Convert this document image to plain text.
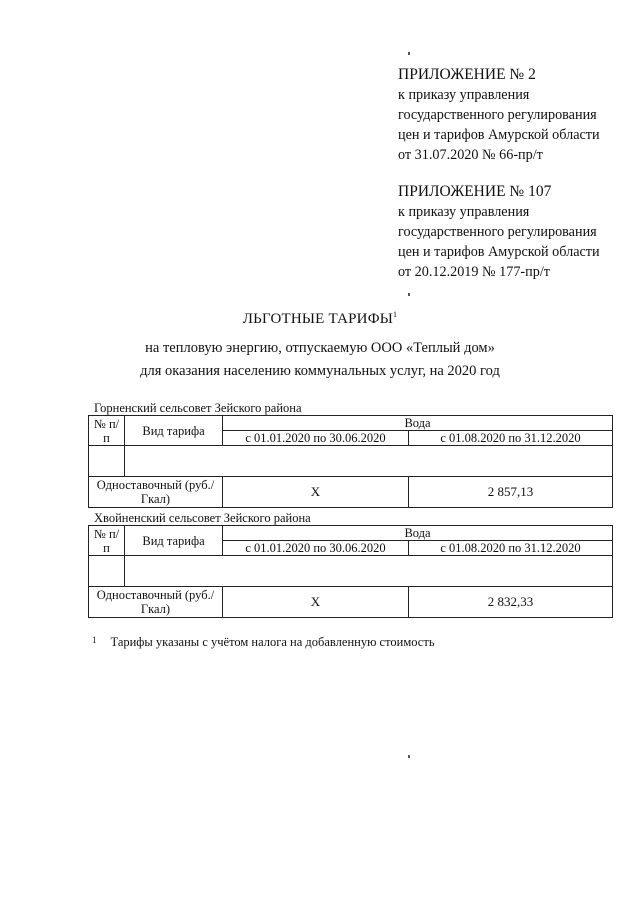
ПРИЛОЖЕНИЕ № 2
к приказу управления
государственного регулирования
цен и тарифов Амурской области
от 31.07.2020 № 66-пр/т
ПРИЛОЖЕНИЕ № 107
к приказу управления
государственного регулирования
цен и тарифов Амурской области
от 20.12.2019 № 177-пр/т
ЛЬГОТНЫЕ ТАРИФЫ$^1$
на тепловую энергию, отпускаемую ООО «Теплый дом»
для оказания населению коммунальных услуг, на 2020 год
Горненский сельсовет Зейского района
№ п/п	Вид тарифа	Вода	
		с 01.01.2020 по 30.06.2020	с 01.08.2020 по 31.12.2020

Одноставочный (руб./Гкал)		X	2 857,13
Хвойненский сельсовет Зейского района
№ п/п	Вид тарифа	Вода	
		с 01.01.2020 по 30.06.2020	с 01.08.2020 по 31.12.2020

Одноставочный (руб./Гкал)		X	2 832,33
$^1$ Тарифы указаны с учётом налога на добавленную стоимость
